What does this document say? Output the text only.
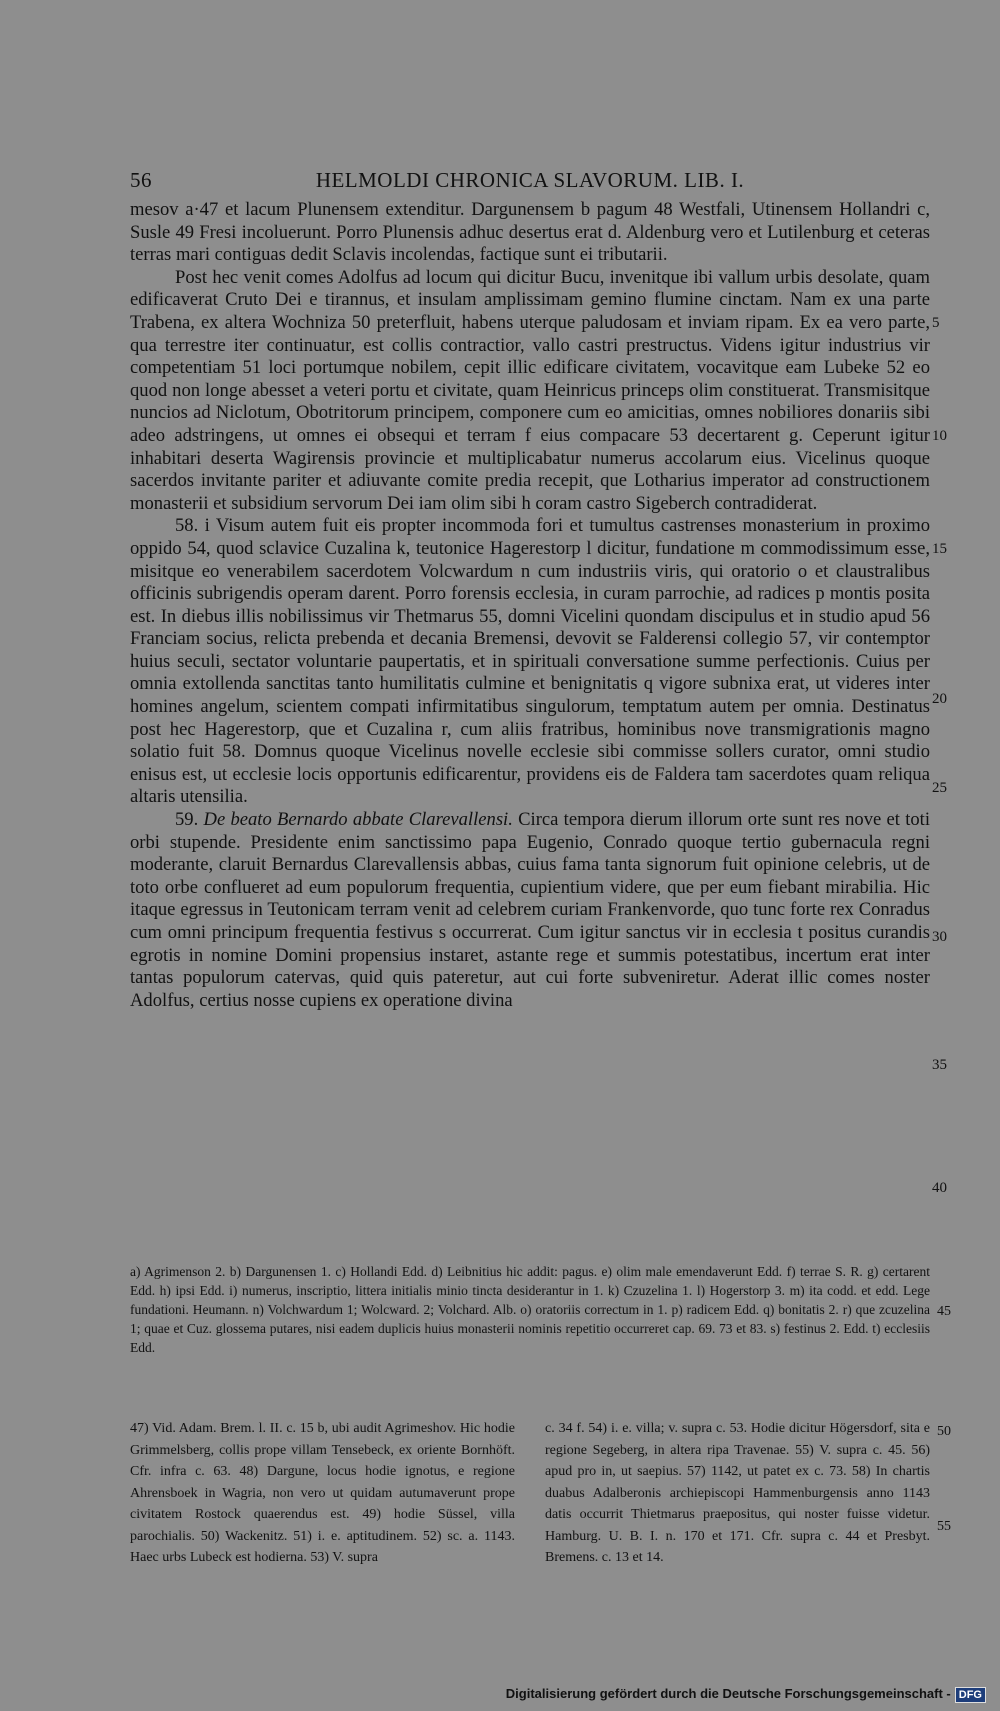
56	HELMOLDI CHRONICA SLAVORUM. LIB. I.

mesov a·47 et lacum Plunensem extenditur. Dargunensem b pagum 48 Westfali, Utinensem Hollandri c, Susle 49 Fresi incoluerunt. Porro Plunensis adhuc desertus erat d. Aldenburg vero et Lutilenburg et ceteras terras mari contiguas dedit Sclavis incolendas, factique sunt ei tributarii.

Post hec venit comes Adolfus ad locum qui dicitur Bucu, invenitque ibi vallum urbis desolate, quam edificaverat Cruto Dei e tirannus, et insulam amplissimam gemino flumine cinctam. Nam ex una parte Trabena, ex altera Wochniza 50 preterfluit, habens uterque paludosam et inviam ripam. Ex ea vero parte, qua terrestre iter continuatur, est collis contractior, vallo castri prestructus. Videns igitur industrius vir competentiam 51 loci portumque nobilem, cepit illic edificare civitatem, vocavitque eam Lubeke 52 eo quod non longe abesset a veteri portu et civitate, quam Heinricus princeps olim constituerat. Transmisitque nuncios ad Niclotum, Obotritorum principem, componere cum eo amicitias, omnes nobiliores donariis sibi adeo adstringens, ut omnes ei obsequi et terram f eius compacare 53 decertarent g. Ceperunt igitur inhabitari deserta Wagirensis provincie et multiplicabatur numerus accolarum eius. Vicelinus quoque sacerdos invitante pariter et adiuvante comite predia recepit, que Lotharius imperator ad constructionem monasterii et subsidium servorum Dei iam olim sibi h coram castro Sigeberch contradiderat.

58. i Visum autem fuit eis propter incommoda fori et tumultus castrenses monasterium in proximo oppido 54, quod sclavice Cuzalina k, teutonice Hagerestorp l dicitur, fundatione m commodissimum esse, misitque eo venerabilem sacerdotem Volcwardum n cum industriis viris, qui oratorio o et claustralibus officinis subrigendis operam darent. Porro forensis ecclesia, in curam parrochie, ad radices p montis posita est. In diebus illis nobilissimus vir Thetmarus 55, domni Vicelini quondam discipulus et in studio apud 56 Franciam socius, relicta prebenda et decania Bremensi, devovit se Falderensi collegio 57, vir contemptor huius seculi, sectator voluntarie paupertatis, et in spirituali conversatione summe perfectionis. Cuius per omnia extollenda sanctitas tanto humilitatis culmine et benignitatis q vigore subnixa erat, ut videres inter homines angelum, scientem compati infirmitatibus singulorum, temptatum autem per omnia. Destinatus post hec Hagerestorp, que et Cuzalina r, cum aliis fratribus, hominibus nove transmigrationis magno solatio fuit 58. Domnus quoque Vicelinus novelle ecclesie sibi commisse sollers curator, omni studio enisus est, ut ecclesie locis opportunis edificarentur, providens eis de Faldera tam sacerdotes quam reliqua altaris utensilia.

59. De beato Bernardo abbate Clarevallensi. Circa tempora dierum illorum orte sunt res nove et toti orbi stupende. Presidente enim sanctissimo papa Eugenio, Conrado quoque tertio gubernacula regni moderante, claruit Bernardus Clarevallensis abbas, cuius fama tanta signorum fuit opinione celebris, ut de toto orbe conflueret ad eum populorum frequentia, cupientium videre, que per eum fiebant mirabilia. Hic itaque egressus in Teutonicam terram venit ad celebrem curiam Frankenvorde, quo tunc forte rex Conradus cum omni principum frequentia festivus s occurrerat. Cum igitur sanctus vir in ecclesia t positus curandis egrotis in nomine Domini propensius instaret, astante rege et summis potestatibus, incertum erat inter tantas populorum catervas, quid quis pateretur, aut cui forte subveniretur. Aderat illic comes noster Adolfus, certius nosse cupiens ex operatione divina

5
10
15
20
25
30
35
40
a) Agrimenson 2. b) Dargunensen 1. c) Hollandi Edd. d) Leibnitius hic addit: pagus. e) olim male emendaverunt Edd. f) terrae S. R. g) certarent Edd. h) ipsi Edd. i) numerus, inscriptio, littera initialis minio tincta desiderantur in 1. k) Czuzelina 1. l) Hogerstorp 3. m) ita codd. et edd. Lege fundationi. Heumann. n) Volchwardum 1; Wolcward. 2; Volchard. Alb. o) oratoriis correctum in 1. p) radicem Edd. q) bonitatis 2. r) que zcuzelina 1; quae et Cuz. glossema putares, nisi eadem duplicis huius monasterii nominis repetitio occurreret cap. 69. 73 et 83. s) festinus 2. Edd. t) ecclesiis Edd.
45

47) Vid. Adam. Brem. l. II. c. 15 b, ubi audit Agrimeshov. Hic hodie Grimmelsberg, collis prope villam Tensebeck, ex oriente Bornhöft. Cfr. infra c. 63. 48) Dargune, locus hodie ignotus, e regione Ahrensboek in Wagria, non vero ut quidam autumaverunt prope civitatem Rostock quaerendus est. 49) hodie Süssel, villa parochialis. 50) Wackenitz. 51) i. e. aptitudinem. 52) sc. a. 1143. Haec urbs Lubeck est hodierna. 53) V. supra

c. 34 f. 54) i. e. villa; v. supra c. 53. Hodie dicitur Högersdorf, sita e regione Segeberg, in altera ripa Travenae. 55) V. supra c. 45. 56) apud pro in, ut saepius. 57) 1142, ut patet ex c. 73. 58) In chartis duabus Adalberonis archiepiscopi Hammenburgensis anno 1143 datis occurrit Thietmarus praepositus, qui noster fuisse videtur. Hamburg. U. B. I. n. 170 et 171. Cfr. supra c. 44 et Presbyt. Bremens. c. 13 et 14.

50
55
Digitalisierung gefördert durch die Deutsche Forschungsgemeinschaft - DFG
